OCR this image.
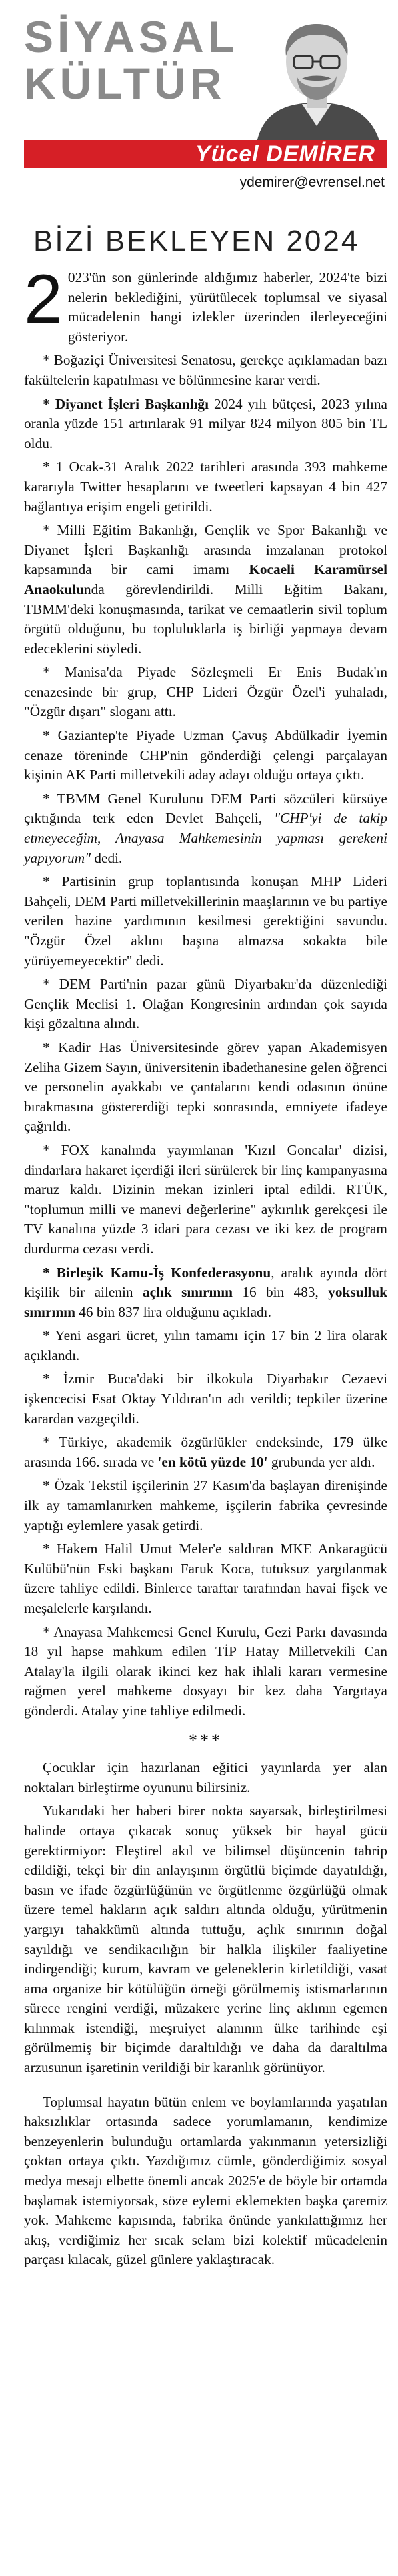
SİYASAL
KÜLTÜR
Yücel DEMİRER
ydemirer@evrensel.net
BİZİ BEKLEYEN 2024

2 023'ün son günlerinde aldığımız haberler, 2024'te bizi nelerin beklediğini, yürütülecek toplumsal ve siyasal mücadelenin hangi izlekler üzerinden ilerleyeceğini gösteriyor.

* Boğaziçi Üniversitesi Senatosu, gerekçe açıklamadan bazı fakültelerin kapatılması ve bölünmesine karar verdi.

* Diyanet İşleri Başkanlığı 2024 yılı bütçesi, 2023 yılına oranla yüzde 151 artırılarak 91 milyar 824 milyon 805 bin TL oldu.

* 1 Ocak-31 Aralık 2022 tarihleri arasında 393 mahkeme kararıyla Twitter hesaplarını ve tweetleri kapsayan 4 bin 427 bağlantıya erişim engeli getirildi.

* Milli Eğitim Bakanlığı, Gençlik ve Spor Bakanlığı ve Diyanet İşleri Başkanlığı arasında imzalanan protokol kapsamında bir cami imamı Kocaeli Karamürsel Anaokulunda görevlendirildi. Milli Eğitim Bakanı, TBMM'deki konuşmasında, tarikat ve cemaatlerin sivil toplum örgütü olduğunu, bu topluluklarla iş birliği yapmaya devam edeceklerini söyledi.

* Manisa'da Piyade Sözleşmeli Er Enis Budak'ın cenazesinde bir grup, CHP Lideri Özgür Özel'i yuhaladı, "Özgür dışarı" sloganı attı.

* Gaziantep'te Piyade Uzman Çavuş Abdülkadir İyemin cenaze töreninde CHP'nin gönderdiği çelengi parçalayan kişinin AK Parti milletvekili aday adayı olduğu ortaya çıktı.

* TBMM Genel Kurulunu DEM Parti sözcüleri kürsüye çıktığında terk eden Devlet Bahçeli, "CHP'yi de takip etmeyeceğim, Anayasa Mahkemesinin yapması gerekeni yapıyorum" dedi.

* Partisinin grup toplantısında konuşan MHP Lideri Bahçeli, DEM Parti milletvekillerinin maaşlarının ve bu partiye verilen hazine yardımının kesilmesi gerektiğini savundu. "Özgür Özel aklını başına almazsa sokakta bile yürüyemeyecektir" dedi.

* DEM Parti'nin pazar günü Diyarbakır'da düzenlediği Gençlik Meclisi 1. Olağan Kongresinin ardından çok sayıda kişi gözaltına alındı.

* Kadir Has Üniversitesinde görev yapan Akademisyen Zeliha Gizem Sayın, üniversitenin ibadethanesine gelen öğrenci ve personelin ayakkabı ve çantalarını kendi odasının önüne bırakmasına göstererdiği tepki sonrasında, emniyete ifadeye çağrıldı.

* FOX kanalında yayımlanan 'Kızıl Goncalar' dizisi, dindarlara hakaret içerdiği ileri sürülerek bir linç kampanyasına maruz kaldı. Dizinin mekan izinleri iptal edildi. RTÜK, "toplumun milli ve manevi değerlerine" aykırılık gerekçesi ile TV kanalına yüzde 3 idari para cezası ve iki kez de program durdurma cezası verdi.

* Birleşik Kamu-İş Konfederasyonu, aralık ayında dört kişilik bir ailenin açlık sınırının 16 bin 483, yoksulluk sınırının 46 bin 837 lira olduğunu açıkladı.

* Yeni asgari ücret, yılın tamamı için 17 bin 2 lira olarak açıklandı.

* İzmir Buca'daki bir ilkokula Diyarbakır Cezaevi işkencecisi Esat Oktay Yıldıran'ın adı verildi; tepkiler üzerine karardan vazgeçildi.

* Türkiye, akademik özgürlükler endeksinde, 179 ülke arasında 166. sırada ve 'en kötü yüzde 10' grubunda yer aldı.

* Özak Tekstil işçilerinin 27 Kasım'da başlayan direnişinde ilk ay tamamlanırken mahkeme, işçilerin fabrika çevresinde yaptığı eylemlere yasak getirdi.

* Hakem Halil Umut Meler'e saldıran MKE Ankaragücü Kulübü'nün Eski başkanı Faruk Koca, tutuksuz yargılanmak üzere tahliye edildi. Binlerce taraftar tarafından havai fişek ve meşalelerle karşılandı.

* Anayasa Mahkemesi Genel Kurulu, Gezi Parkı davasında 18 yıl hapse mahkum edilen TİP Hatay Milletvekili Can Atalay'la ilgili olarak ikinci kez hak ihlali kararı vermesine rağmen yerel mahkeme dosyayı bir kez daha Yargıtaya gönderdi. Atalay yine tahliye edilmedi.

***

Çocuklar için hazırlanan eğitici yayınlarda yer alan noktaları birleştirme oyununu bilirsiniz.

Yukarıdaki her haberi birer nokta sayarsak, birleştirilmesi halinde ortaya çıkacak sonuç yüksek bir hayal gücü gerektirmiyor: Eleştirel akıl ve bilimsel düşüncenin tahrip edildiği, tekçi bir din anlayışının örgütlü biçimde dayatıldığı, basın ve ifade özgürlüğünün ve örgütlenme özgürlüğü olmak üzere temel hakların açık saldırı altında olduğu, yürütmenin yargıyı tahakkümü altında tuttuğu, açlık sınırının doğal sayıldığı ve sendikacılığın bir halkla ilişkiler faaliyetine indirgendiği; kurum, kavram ve geleneklerin kirletildiği, vasat ama organize bir kötülüğün örneği görülmemiş istismarlarının sürece rengini verdiği, müzakere yerine linç aklının egemen kılınmak istendiği, meşruiyet alanının ülke tarihinde eşi görülmemiş bir biçimde daraltıldığı ve daha da daraltılma arzusunun işaretinin verildiği bir karanlık görünüyor.

Toplumsal hayatın bütün enlem ve boylamlarında yaşatılan haksızlıklar ortasında sadece yorumlamanın, kendimize benzeyenlerin bulunduğu ortamlarda yakınmanın yetersizliği çoktan ortaya çıktı. Yazdığımız cümle, gönderdiğimiz sosyal medya mesajı elbette önemli ancak 2025'e de böyle bir ortamda başlamak istemiyorsak, söze eylemi eklemekten başka çaremiz yok. Mahkeme kapısında, fabrika önünde yankılattığımız her akış, verdiğimiz her sıcak selam bizi kolektif mücadelenin parçası kılacak, güzel günlere yaklaştıracak.
